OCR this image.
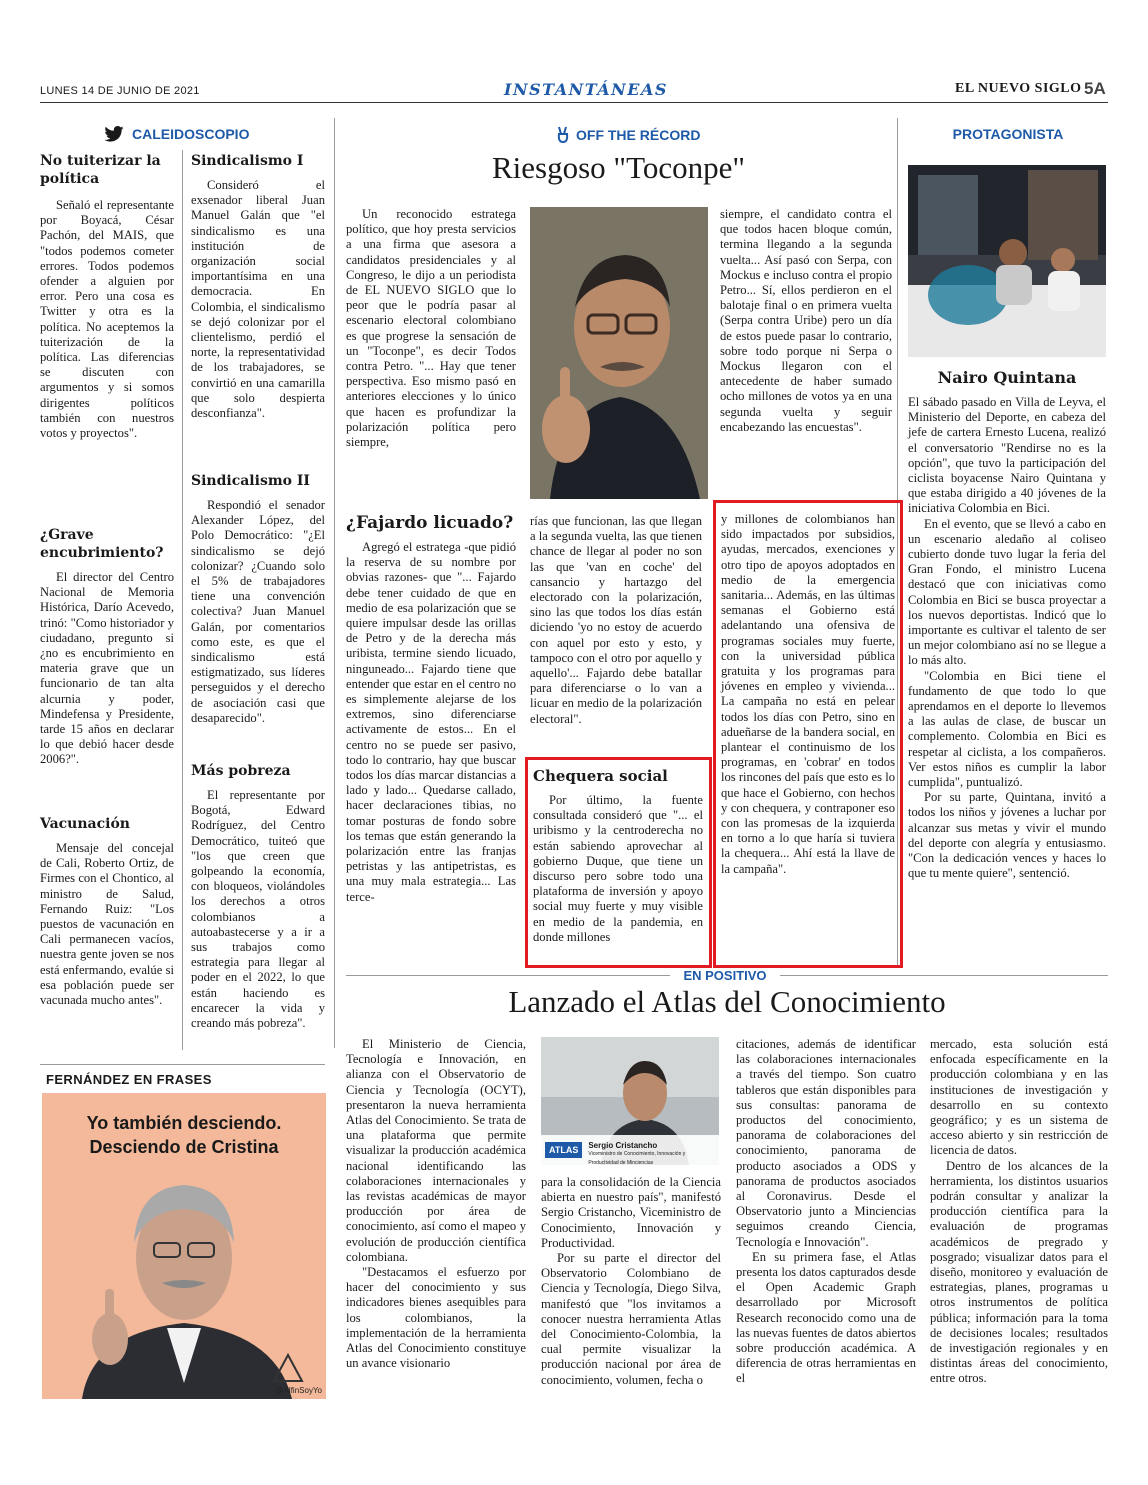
LUNES 14 DE JUNIO DE 2021	INSTANTÁNEAS	EL NUEVO SIGLO 5A
CALEIDOSCOPIO
No tuiterizar la política

Señaló el representante por Boyacá, César Pachón, del MAIS, que "todos podemos cometer errores. Todos podemos ofender a alguien por error. Pero una cosa es Twitter y otra es la política. No aceptemos la tuiterización de la política. Las diferencias se discuten con argumentos y si somos dirigentes políticos también con nuestros votos y proyectos".

¿Grave encubrimiento?

El director del Centro Nacional de Memoria Histórica, Darío Acevedo, trinó: "Como historiador y ciudadano, pregunto si ¿no es encubrimiento en materia grave que un funcionario de tan alta alcurnia y poder, Mindefensa y Presidente, tarde 15 años en declarar lo que debió hacer desde 2006?".

Vacunación

Mensaje del concejal de Cali, Roberto Ortiz, de Firmes con el Chontico, al ministro de Salud, Fernando Ruiz: "Los puestos de vacunación en Cali permanecen vacíos, nuestra gente joven se nos está enfermando, evalúe si esa población puede ser vacunada mucho antes".

Sindicalismo I

Consideró el exsenador liberal Juan Manuel Galán que "el sindicalismo es una institución de organización social importantísima en una democracia. En Colombia, el sindicalismo se dejó colonizar por el clientelismo, perdió el norte, la representatividad de los trabajadores, se convirtió en una camarilla que solo despierta desconfianza".

Sindicalismo II

Respondió el senador Alexander López, del Polo Democrático: "¿El sindicalismo se dejó colonizar? ¿Cuando solo el 5% de trabajadores tiene una convención colectiva? Juan Manuel Galán, por comentarios como este, es que el sindicalismo está estigmatizado, sus líderes perseguidos y el derecho de asociación casi que desaparecido".

Más pobreza

El representante por Bogotá, Edward Rodríguez, del Centro Democrático, tuiteó que "los que creen que golpeando la economía, con bloqueos, violándoles los derechos a otros colombianos a autoabastecerse y a ir a sus trabajos como estrategia para llegar al poder en el 2022, lo que están haciendo es encarecer la vida y creando más pobreza".

OFF THE RÉCORD
Riesgoso "Toconpe"

Un reconocido estratega político, que hoy presta servicios a una firma que asesora a candidatos presidenciales y al Congreso, le dijo a un periodista de EL NUEVO SIGLO que lo peor que le podría pasar al escenario electoral colombiano es que progrese la sensación de un "Toconpe", es decir Todos contra Petro. "... Hay que tener perspectiva. Eso mismo pasó en anteriores elecciones y lo único que hacen es profundizar la polarización política pero siempre,

siempre, el candidato contra el que todos hacen bloque común, termina llegando a la segunda vuelta... Así pasó con Serpa, con Mockus e incluso contra el propio Petro... Sí, ellos perdieron en el balotaje final o en primera vuelta (Serpa contra Uribe) pero un día de estos puede pasar lo contrario, sobre todo porque ni Serpa o Mockus llegaron con el antecedente de haber sumado ocho millones de votos ya en una segunda vuelta y seguir encabezando las encuestas".

¿Fajardo licuado?

Agregó el estratega -que pidió la reserva de su nombre por obvias razones- que "... Fajardo debe tener cuidado de que en medio de esa polarización que se quiere impulsar desde las orillas de Petro y de la derecha más uribista, termine siendo licuado, ninguneado... Fajardo tiene que entender que estar en el centro no es simplemente alejarse de los extremos, sino diferenciarse activamente de estos... En el centro no se puede ser pasivo, todo lo contrario, hay que buscar todos los días marcar distancias a lado y lado... Quedarse callado, hacer declaraciones tibias, no tomar posturas de fondo sobre los temas que están generando la polarización entre las franjas petristas y las antipetristas, es una muy mala estrategia... Las terce-

rías que funcionan, las que llegan a la segunda vuelta, las que tienen chance de llegar al poder no son las que 'van en coche' del cansancio y hartazgo del electorado con la polarización, sino las que todos los días están diciendo 'yo no estoy de acuerdo con aquel por esto y esto, y tampoco con el otro por aquello y aquello'... Fajardo debe batallar para diferenciarse o lo van a licuar en medio de la polarización electoral".

Chequera social

Por último, la fuente consultada consideró que "... el uribismo y la centroderecha no están sabiendo aprovechar al gobierno Duque, que tiene un discurso pero sobre todo una plataforma de inversión y apoyo social muy fuerte y muy visible en medio de la pandemia, en donde millones

y millones de colombianos han sido impactados por subsidios, ayudas, mercados, exenciones y otro tipo de apoyos adoptados en medio de la emergencia sanitaria... Además, en las últimas semanas el Gobierno está adelantando una ofensiva de programas sociales muy fuerte, con la universidad pública gratuita y los programas para jóvenes en empleo y vivienda... La campaña no está en pelear todos los días con Petro, sino en adueñarse de la bandera social, en plantear el continuismo de los programas, en 'cobrar' en todos los rincones del país que esto es lo que hace el Gobierno, con hechos y con chequera, y contraponer eso con las promesas de la izquierda en torno a lo que haría si tuviera la chequera... Ahí está la llave de la campaña".

PROTAGONISTA
Nairo Quintana

El sábado pasado en Villa de Leyva, el Ministerio del Deporte, en cabeza del jefe de cartera Ernesto Lucena, realizó el conversatorio "Rendirse no es la opción", que tuvo la participación del ciclista boyacense Nairo Quintana y que estaba dirigido a 40 jóvenes de la iniciativa Colombia en Bici.

En el evento, que se llevó a cabo en un escenario aledaño al coliseo cubierto donde tuvo lugar la feria del Gran Fondo, el ministro Lucena destacó que con iniciativas como Colombia en Bici se busca proyectar a los nuevos deportistas. Indicó que lo importante es cultivar el talento de ser un mejor colombiano así no se llegue a lo más alto.

"Colombia en Bici tiene el fundamento de que todo lo que aprendamos en el deporte lo llevemos a las aulas de clase, de buscar un complemento. Colombia en Bici es respetar al ciclista, a los compañeros. Ver estos niños es cumplir la labor cumplida", puntualizó.

Por su parte, Quintana, invitó a todos los niños y jóvenes a luchar por alcanzar sus metas y vivir el mundo del deporte con alegría y entusiasmo. "Con la dedicación vences y haces lo que tu mente quiere", sentenció.

FERNÁNDEZ EN FRASES
Yo también desciendo.
Desciendo de Cristina
@AlfinSoyYo
EN POSITIVO
Lanzado el Atlas del Conocimiento

El Ministerio de Ciencia, Tecnología e Innovación, en alianza con el Observatorio de Ciencia y Tecnología (OCYT), presentaron la nueva herramienta Atlas del Conocimiento. Se trata de una plataforma que permite visualizar la producción académica nacional identificando las colaboraciones internacionales y las revistas académicas de mayor producción por área de conocimiento, así como el mapeo y evolución de producción científica colombiana.

"Destacamos el esfuerzo por hacer del conocimiento y sus indicadores bienes asequibles para los colombianos, la implementación de la herramienta Atlas del Conocimiento constituye un avance visionario

ATLAS	Sergio Cristancho
Viceministro de Conocimiento, Innovación y Productividad de Minciencias

para la consolidación de la Ciencia abierta en nuestro país", manifestó Sergio Cristancho, Viceministro de Conocimiento, Innovación y Productividad.

Por su parte el director del Observatorio Colombiano de Ciencia y Tecnología, Diego Silva, manifestó que "los invitamos a conocer nuestra herramienta Atlas del Conocimiento-Colombia, la cual permite visualizar la producción nacional por área de conocimiento, volumen, fecha o

citaciones, además de identificar las colaboraciones internacionales a través del tiempo. Son cuatro tableros que están disponibles para sus consultas: panorama de productos del conocimiento, panorama de colaboraciones del conocimiento, panorama de producto asociados a ODS y panorama de productos asociados al Coronavirus. Desde el Observatorio junto a Minciencias seguimos creando Ciencia, Tecnología e Innovación".

En su primera fase, el Atlas presenta los datos capturados desde el Open Academic Graph desarrollado por Microsoft Research reconocido como una de las nuevas fuentes de datos abiertos sobre producción académica. A diferencia de otras herramientas en el

mercado, esta solución está enfocada específicamente en la producción colombiana y en las instituciones de investigación y desarrollo en su contexto geográfico; y es un sistema de acceso abierto y sin restricción de licencia de datos.

Dentro de los alcances de la herramienta, los distintos usuarios podrán consultar y analizar la producción científica para la evaluación de programas académicos de pregrado y posgrado; visualizar datos para el diseño, monitoreo y evaluación de estrategias, planes, programas u otros instrumentos de política pública; información para la toma de decisiones locales; resultados de investigación regionales y en distintas áreas del conocimiento, entre otros.
